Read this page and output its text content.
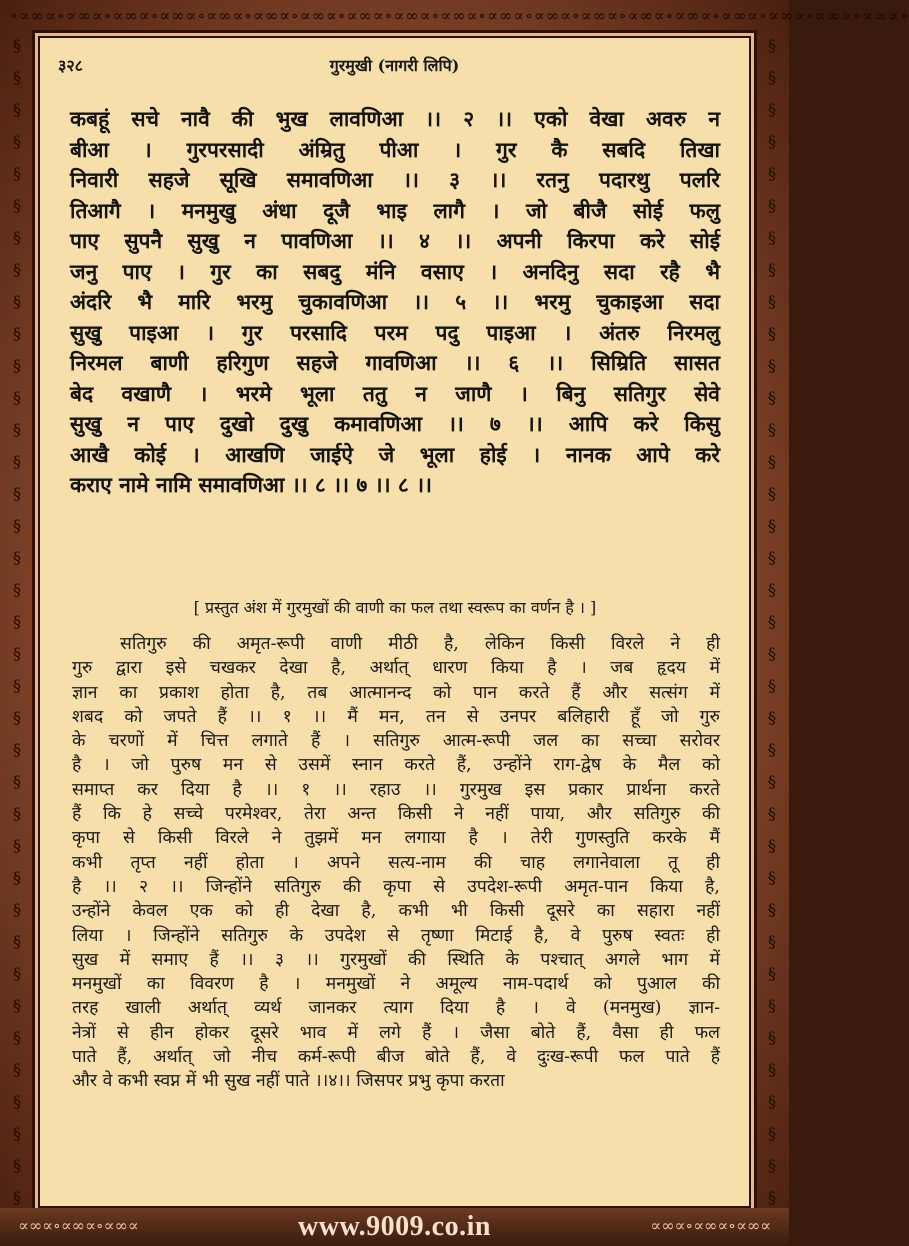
∘∝∞∝∘∝∞∝∘∝∞∝∘∝∞∝∘∝∞∝∘∝∞∝∘∝∞∝∘∝∞∝∘∝∞∝∘∝∞∝∘∝∞∝∘∝∞∝∘∝∞∝∘∝∞∝∘∝∞∝∘∝∞∝∘∝∞∝∘∝∞∝∘∝∞∝∘
§
§
§
§
§
§
§
§
§
§
§
§
§
§
§
§
§
§
§
§
§
§
§
§
§
§
§
§
§
§
§
§
§
§
§
§
§
§
§
§
§
§
§
§
§
§
§
§
§
§
§
§
§
§
§
§
§
§
§
§
§
§
§
§
§
§
§
§
§
§
§
§
§
§
३२८	गुरमुखी (नागरी लिपि)
कबहूं सचे नावै की भुख लावणिआ ।। २ ।। एको वेखा अवरु न
बीआ । गुरपरसादी अंम्रितु पीआ । गुर कै सबदि तिखा
निवारी सहजे सूखि समावणिआ ।। ३ ।। रतनु पदारथु पलरि
तिआगै । मनमुखु अंधा दूजै भाइ लागै । जो बीजै सोई फलु
पाए सुपनै सुखु न पावणिआ ।। ४ ।। अपनी किरपा करे सोई
जनु पाए । गुर का सबदु मंनि वसाए । अनदिनु सदा रहै भै
अंदरि भै मारि भरमु चुकावणिआ ।। ५ ।। भरमु चुकाइआ सदा
सुखु पाइआ । गुर परसादि परम पदु पाइआ । अंतरु निरमलु
निरमल बाणी हरिगुण सहजे गावणिआ ।। ६ ।। सिम्रिति सासत
बेद वखाणै । भरमे भूला ततु न जाणै । बिनु सतिगुर सेवे
सुखु न पाए दुखो दुखु कमावणिआ ।। ७ ।। आपि करे किसु
आखै कोई । आखणि जाईऐ जे भूला होई । नानक आपे करे
कराए नामे नामि समावणिआ ।। ८ ।। ७ ।। ८ ।।
[ प्रस्तुत अंश में गुरमुखों की वाणी का फल तथा स्वरूप का वर्णन है । ]
सतिगुरु की अमृत-रूपी वाणी मीठी है, लेकिन किसी विरले ने ही
गुरु द्वारा इसे चखकर देखा है, अर्थात् धारण किया है । जब हृदय में
ज्ञान का प्रकाश होता है, तब आत्मानन्द को पान करते हैं और सत्संग में
शबद को जपते हैं ।। १ ।। मैं मन, तन से उनपर बलिहारी हूँ जो गुरु
के चरणों में चित्त लगाते हैं । सतिगुरु आत्म-रूपी जल का सच्चा सरोवर
है । जो पुरुष मन से उसमें स्नान करते हैं, उन्होंने राग-द्वेष के मैल को
समाप्त कर दिया है ।। १ ।। रहाउ ।। गुरमुख इस प्रकार प्रार्थना करते
हैं कि हे सच्चे परमेश्वर, तेरा अन्त किसी ने नहीं पाया, और सतिगुरु की
कृपा से किसी विरले ने तुझमें मन लगाया है । तेरी गुणस्तुति करके मैं
कभी तृप्त नहीं होता । अपने सत्य-नाम की चाह लगानेवाला तू ही
है ।। २ ।। जिन्होंने सतिगुरु की कृपा से उपदेश-रूपी अमृत-पान किया है,
उन्होंने केवल एक को ही देखा है, कभी भी किसी दूसरे का सहारा नहीं
लिया । जिन्होंने सतिगुरु के उपदेश से तृष्णा मिटाई है, वे पुरुष स्वतः ही
सुख में समाए हैं ।। ३ ।। गुरमुखों की स्थिति के पश्चात् अगले भाग में
मनमुखों का विवरण है । मनमुखों ने अमूल्य नाम-पदार्थ को पुआल की
तरह खाली अर्थात् व्यर्थ जानकर त्याग दिया है । वे (मनमुख) ज्ञान-
नेत्रों से हीन होकर दूसरे भाव में लगे हैं । जैसा बोते हैं, वैसा ही फल
पाते हैं, अर्थात् जो नीच कर्म-रूपी बीज बोते हैं, वे दुःख-रूपी फल पाते हैं
और वे कभी स्वप्न में भी सुख नहीं पाते ।।४।। जिसपर प्रभु कृपा करता
∝∞∝∘∝∞∝∘∝∞∝	www.9009.co.in	∝∞∝∘∝∞∝∘∝∞∝
